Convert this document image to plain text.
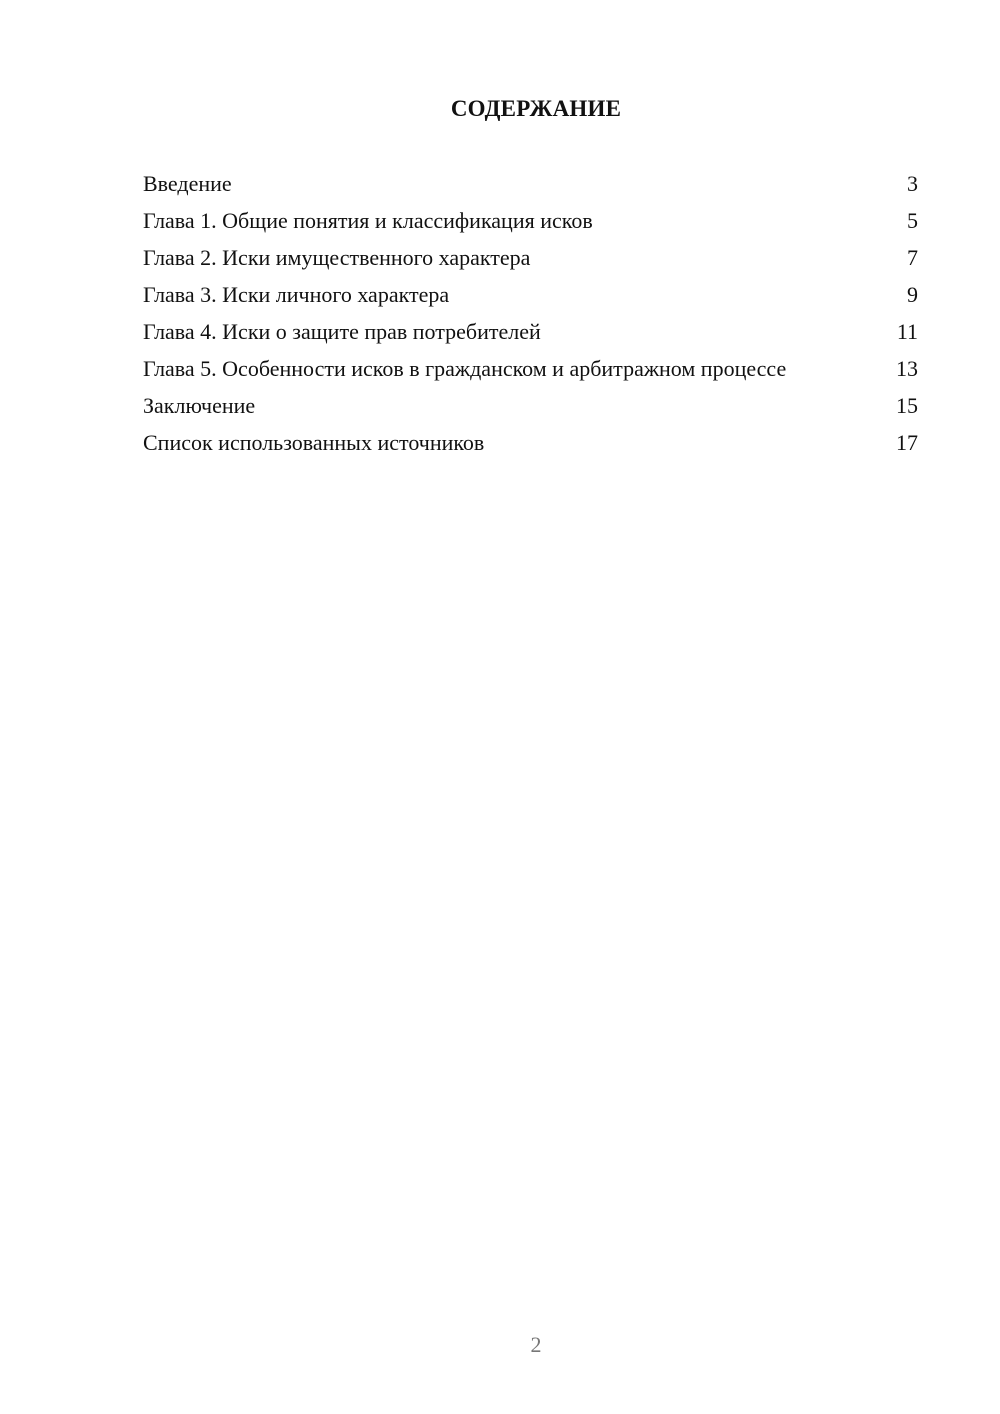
СОДЕРЖАНИЕ
Введение	3
Глава 1. Общие понятия и классификация исков	5
Глава 2. Иски имущественного характера	7
Глава 3. Иски личного характера	9
Глава 4. Иски о защите прав потребителей	11
Глава 5. Особенности исков в гражданском и арбитражном процессе	13
Заключение	15
Список использованных источников	17
2
